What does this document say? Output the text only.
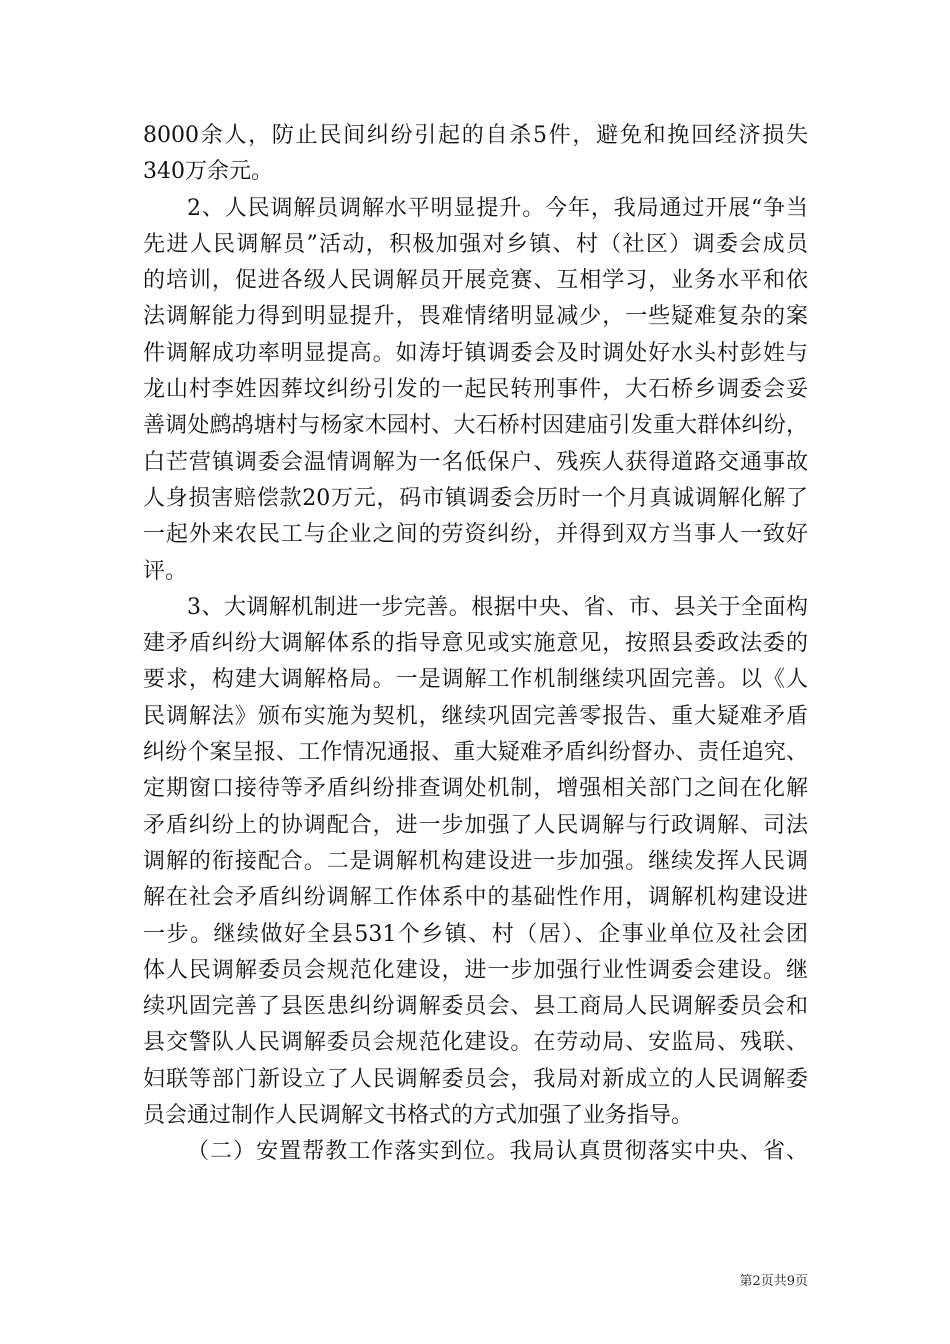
8000余人，防止民间纠纷引起的自杀5件，避免和挽回经济损失
340万余元。
2、人民调解员调解水平明显提升。今年，我局通过开展“争当
先进人民调解员”活动，积极加强对乡镇、村（社区）调委会成员
的培训，促进各级人民调解员开展竞赛、互相学习，业务水平和依
法调解能力得到明显提升，畏难情绪明显减少，一些疑难复杂的案
件调解成功率明显提高。如涛圩镇调委会及时调处好水头村彭姓与
龙山村李姓因葬坟纠纷引发的一起民转刑事件，大石桥乡调委会妥
善调处鹧鸪塘村与杨家木园村、大石桥村因建庙引发重大群体纠纷，
白芒营镇调委会温情调解为一名低保户、残疾人获得道路交通事故
人身损害赔偿款20万元，码市镇调委会历时一个月真诚调解化解了
一起外来农民工与企业之间的劳资纠纷，并得到双方当事人一致好
评。
3、大调解机制进一步完善。根据中央、省、市、县关于全面构
建矛盾纠纷大调解体系的指导意见或实施意见，按照县委政法委的
要求，构建大调解格局。一是调解工作机制继续巩固完善。以《人
民调解法》颁布实施为契机，继续巩固完善零报告、重大疑难矛盾
纠纷个案呈报、工作情况通报、重大疑难矛盾纠纷督办、责任追究、
定期窗口接待等矛盾纠纷排查调处机制，增强相关部门之间在化解
矛盾纠纷上的协调配合，进一步加强了人民调解与行政调解、司法
调解的衔接配合。二是调解机构建设进一步加强。继续发挥人民调
解在社会矛盾纠纷调解工作体系中的基础性作用，调解机构建设进
一步。继续做好全县531个乡镇、村（居）、企事业单位及社会团
体人民调解委员会规范化建设，进一步加强行业性调委会建设。继
续巩固完善了县医患纠纷调解委员会、县工商局人民调解委员会和
县交警队人民调解委员会规范化建设。在劳动局、安监局、残联、
妇联等部门新设立了人民调解委员会，我局对新成立的人民调解委
员会通过制作人民调解文书格式的方式加强了业务指导。
（二）安置帮教工作落实到位。我局认真贯彻落实中央、省、
第2页共9页
